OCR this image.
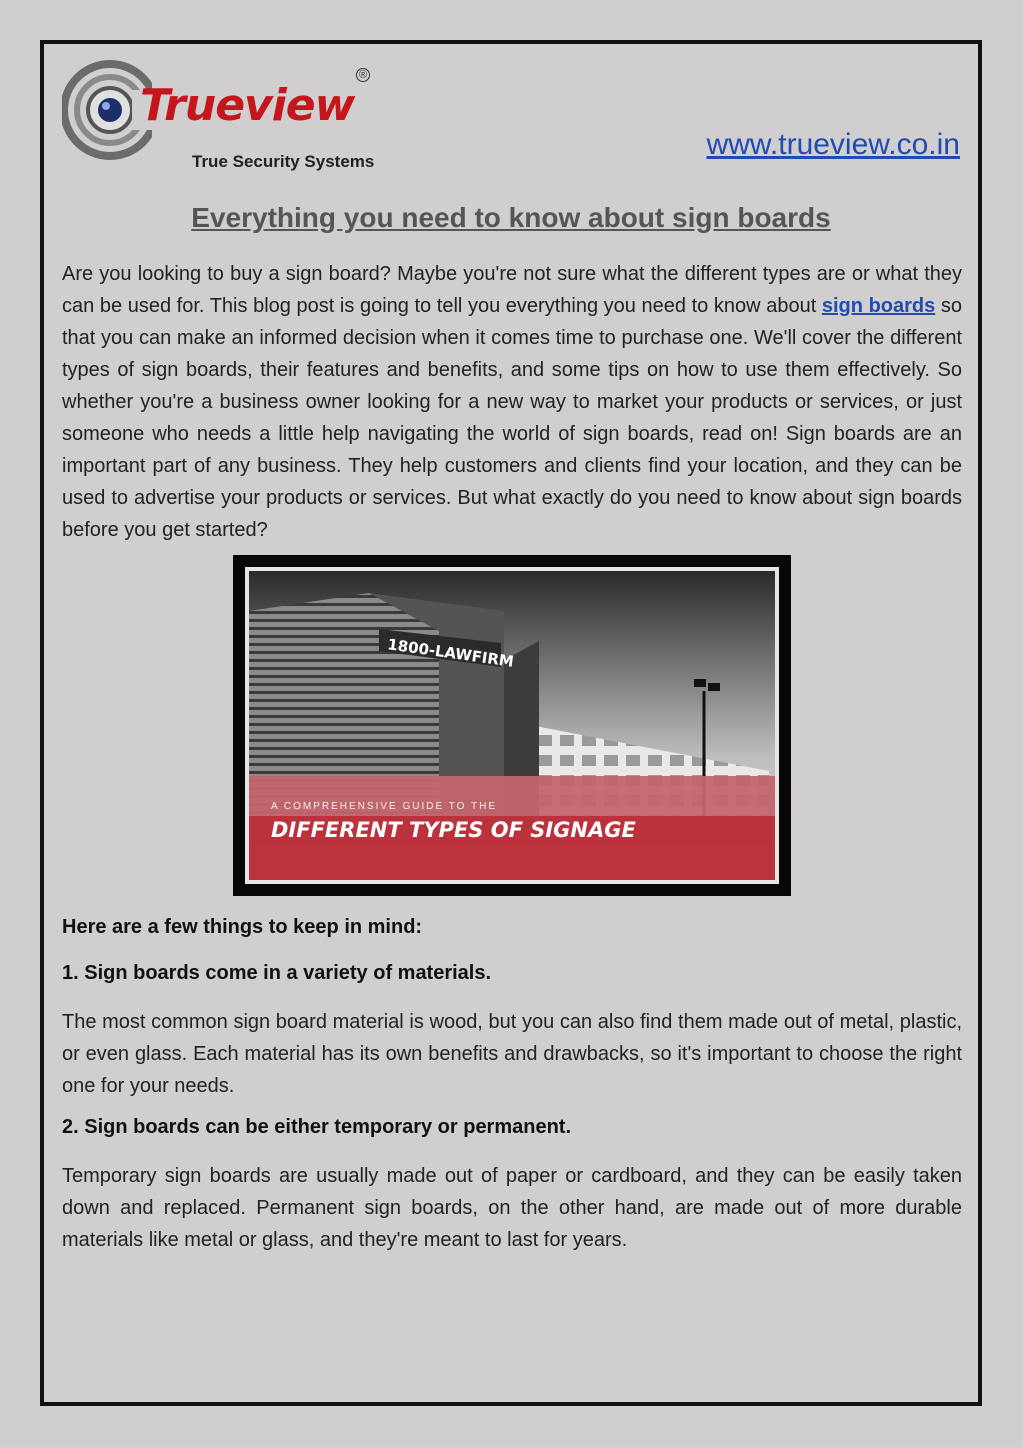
Trueview
®
True Security Systems
www.trueview.co.in
Everything you need to know about sign boards

Are you looking to buy a sign board? Maybe you're not sure what the different types are or what they can be used for. This blog post is going to tell you everything you need to know about sign boards so that you can make an informed decision when it comes time to purchase one. We'll cover the different types of sign boards, their features and benefits, and some tips on how to use them effectively. So whether you're a business owner looking for a new way to market your products or services, or just someone who needs a little help navigating the world of sign boards, read on! Sign boards are an important part of any business. They help customers and clients find your location, and they can be used to advertise your products or services. But what exactly do you need to know about sign boards before you get started?

1800-LAWFIRM
A COMPREHENSIVE GUIDE TO THE
DIFFERENT TYPES OF SIGNAGE

Here are a few things to keep in mind:

1. Sign boards come in a variety of materials.

The most common sign board material is wood, but you can also find them made out of metal, plastic, or even glass. Each material has its own benefits and drawbacks, so it's important to choose the right one for your needs.

2. Sign boards can be either temporary or permanent.

Temporary sign boards are usually made out of paper or cardboard, and they can be easily taken down and replaced. Permanent sign boards, on the other hand, are made out of more durable materials like metal or glass, and they're meant to last for years.
